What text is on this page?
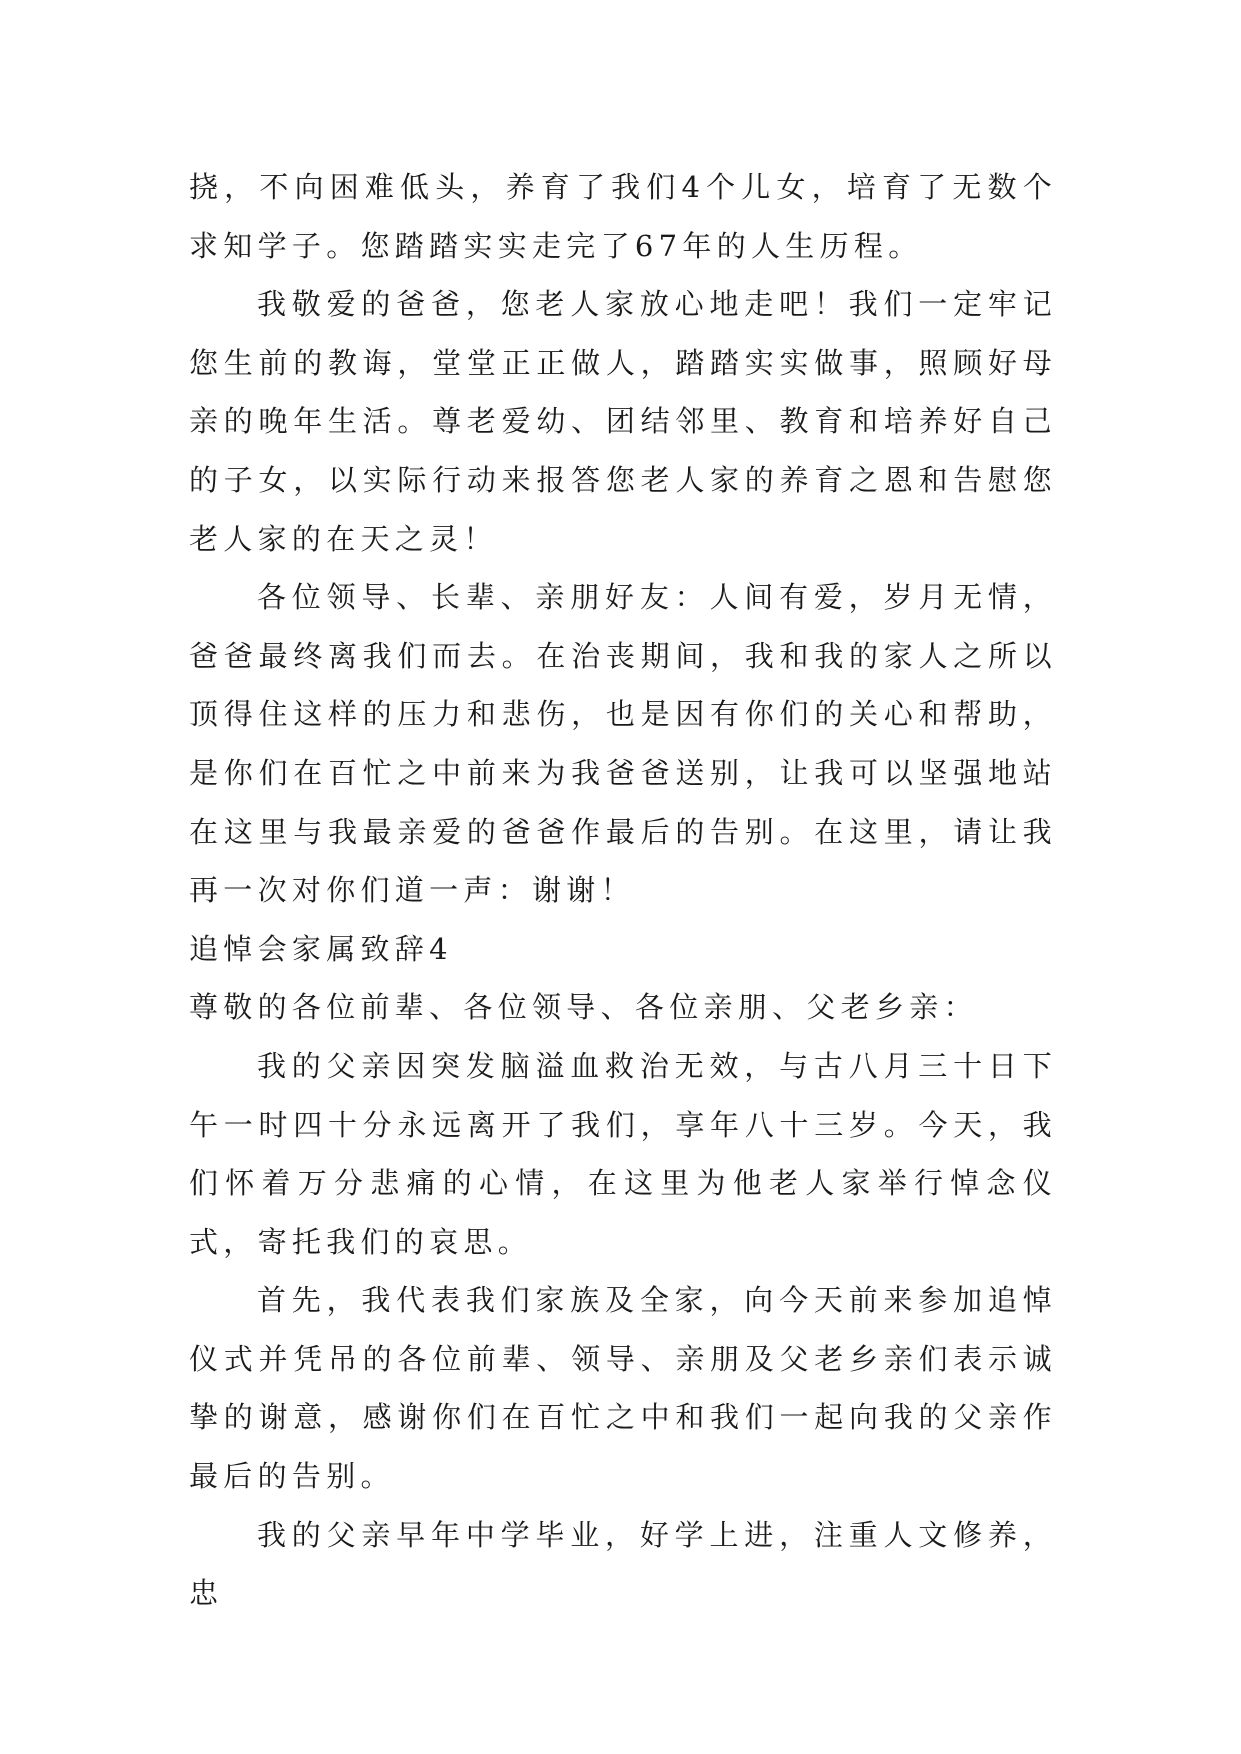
挠，不向困难低头，养育了我们4个儿女，培育了无数个求知学子。您踏踏实实走完了67年的人生历程。

我敬爱的爸爸，您老人家放心地走吧！我们一定牢记您生前的教诲，堂堂正正做人，踏踏实实做事，照顾好母亲的晚年生活。尊老爱幼、团结邻里、教育和培养好自己的子女，以实际行动来报答您老人家的养育之恩和告慰您老人家的在天之灵！

各位领导、长辈、亲朋好友：人间有爱，岁月无情，爸爸最终离我们而去。在治丧期间，我和我的家人之所以顶得住这样的压力和悲伤，也是因有你们的关心和帮助，是你们在百忙之中前来为我爸爸送别，让我可以坚强地站在这里与我最亲爱的爸爸作最后的告别。在这里，请让我再一次对你们道一声：谢谢！

追悼会家属致辞4

尊敬的各位前辈、各位领导、各位亲朋、父老乡亲：

我的父亲因突发脑溢血救治无效，与古八月三十日下午一时四十分永远离开了我们，享年八十三岁。今天，我们怀着万分悲痛的心情，在这里为他老人家举行悼念仪式，寄托我们的哀思。

首先，我代表我们家族及全家，向今天前来参加追悼仪式并凭吊的各位前辈、领导、亲朋及父老乡亲们表示诚挚的谢意，感谢你们在百忙之中和我们一起向我的父亲作最后的告别。

我的父亲早年中学毕业，好学上进，注重人文修养，忠
